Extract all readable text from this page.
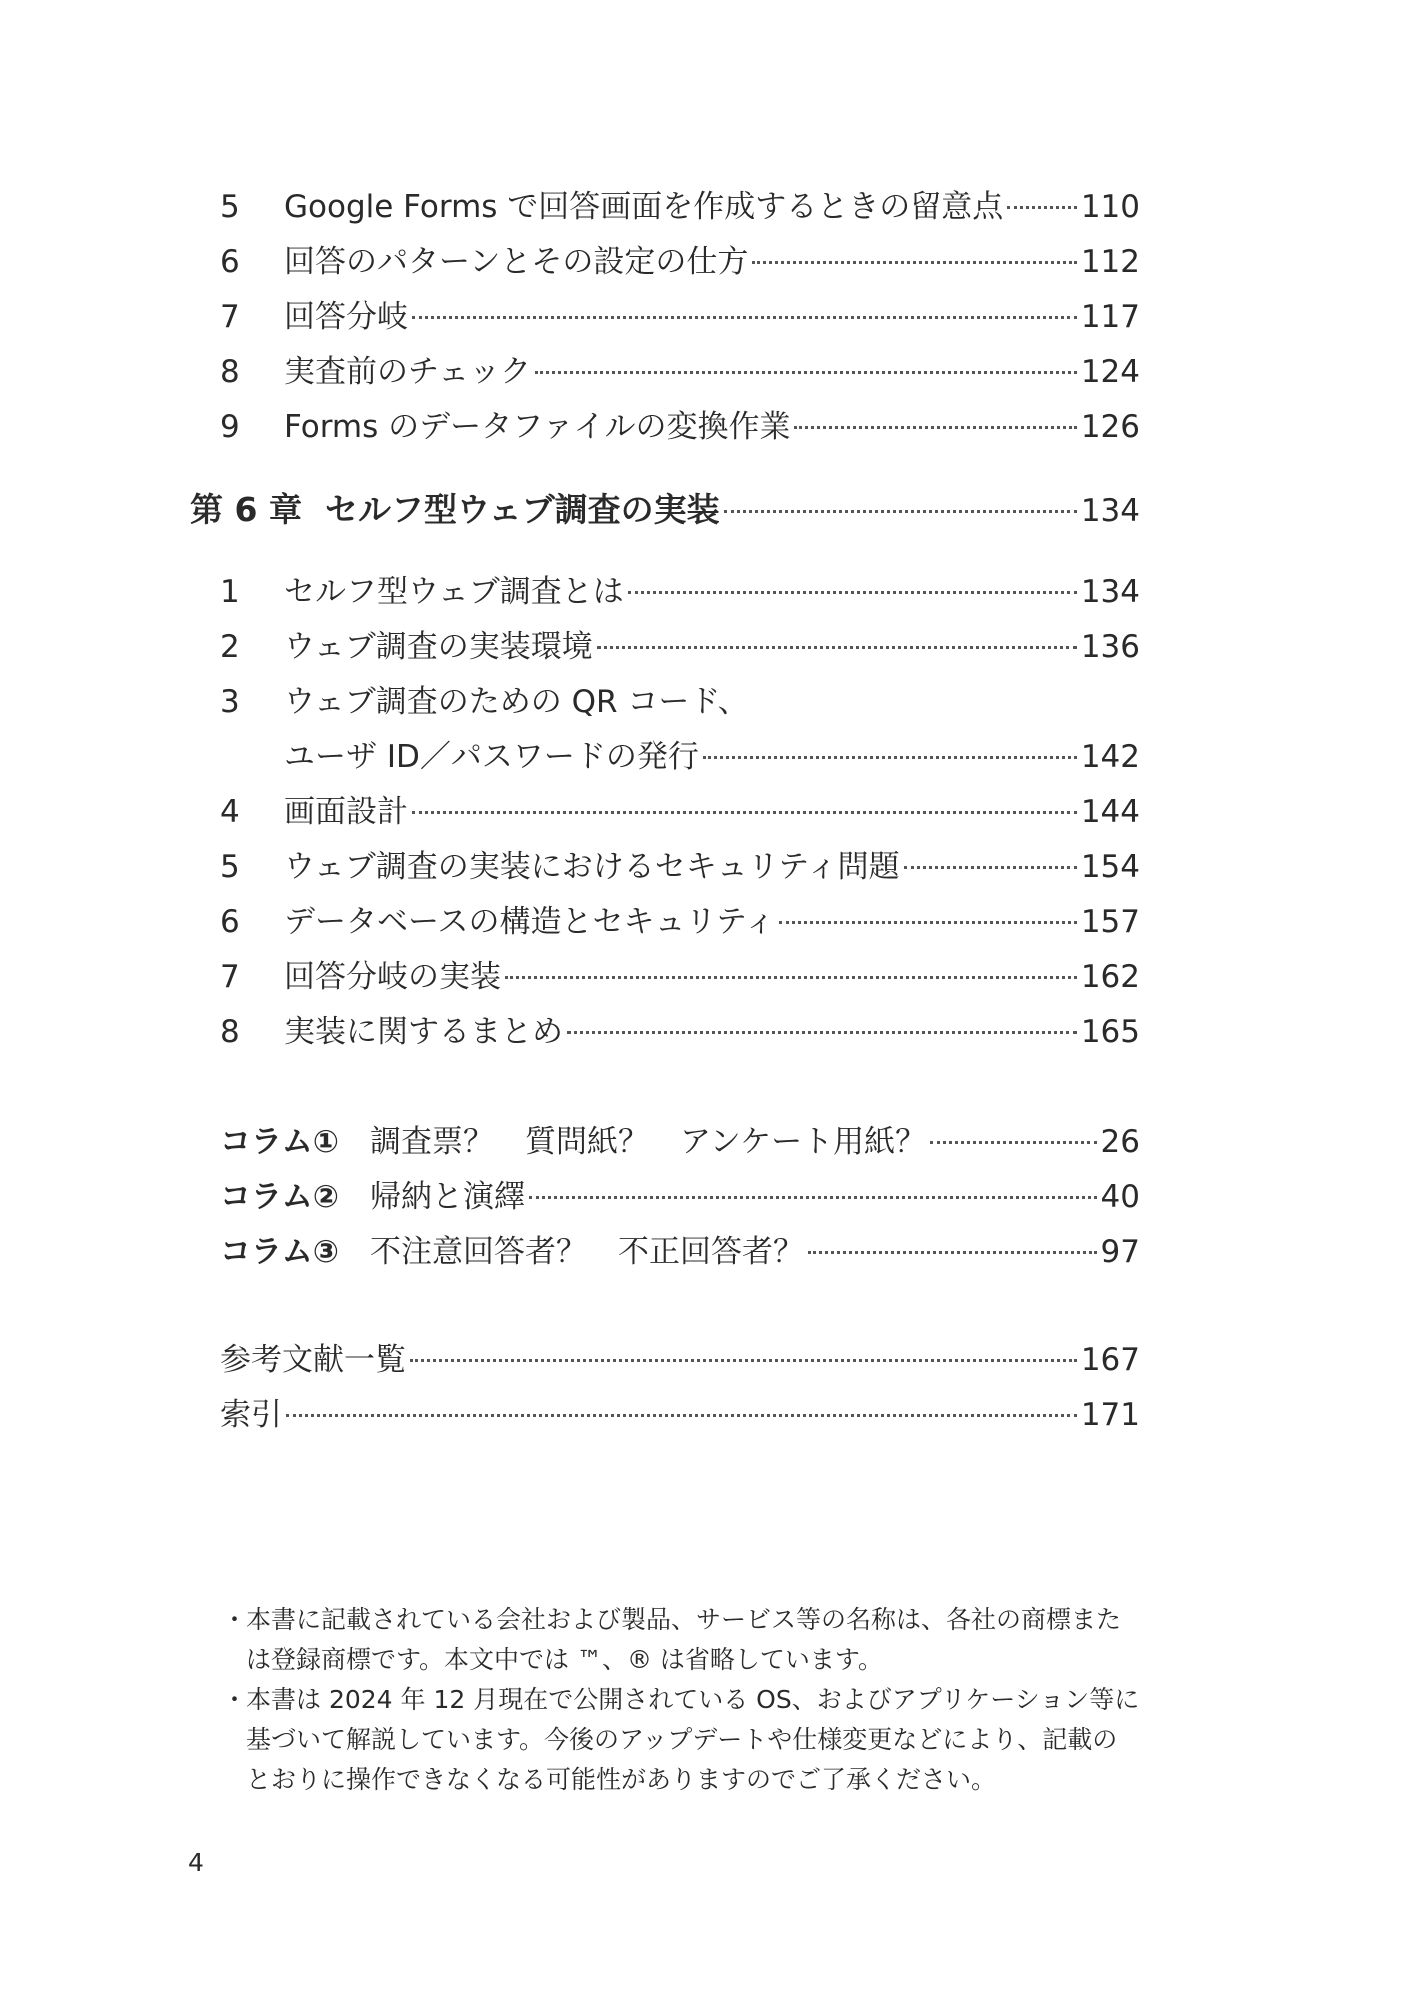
5	Google Forms で回答画面を作成するときの留意点	110
6	回答のパターンとその設定の仕方	112
7	回答分岐	117
8	実査前のチェック	124
9	Forms のデータファイルの変換作業	126
第 6 章 セルフ型ウェブ調査の実装	134
1	セルフ型ウェブ調査とは	134
2	ウェブ調査の実装環境	136
3	ウェブ調査のための QR コード、
ユーザ ID／パスワードの発行	142
4	画面設計	144
5	ウェブ調査の実装におけるセキュリティ問題	154
6	データベースの構造とセキュリティ	157
7	回答分岐の実装	162
8	実装に関するまとめ	165
コラム①	調査票？　質問紙？　アンケート用紙？	26
コラム②	帰納と演繹	40
コラム③	不注意回答者？　不正回答者？	97
参考文献一覧	167
索引	171
・
本書に記載されている会社および製品、サービス等の名称は、各社の商標また
は登録商標です。本文中では ™、® は省略しています。
・
本書は 2024 年 12 月現在で公開されている OS、およびアプリケーション等に
基づいて解説しています。今後のアップデートや仕様変更などにより、記載の
とおりに操作できなくなる可能性がありますのでご了承ください。
4
